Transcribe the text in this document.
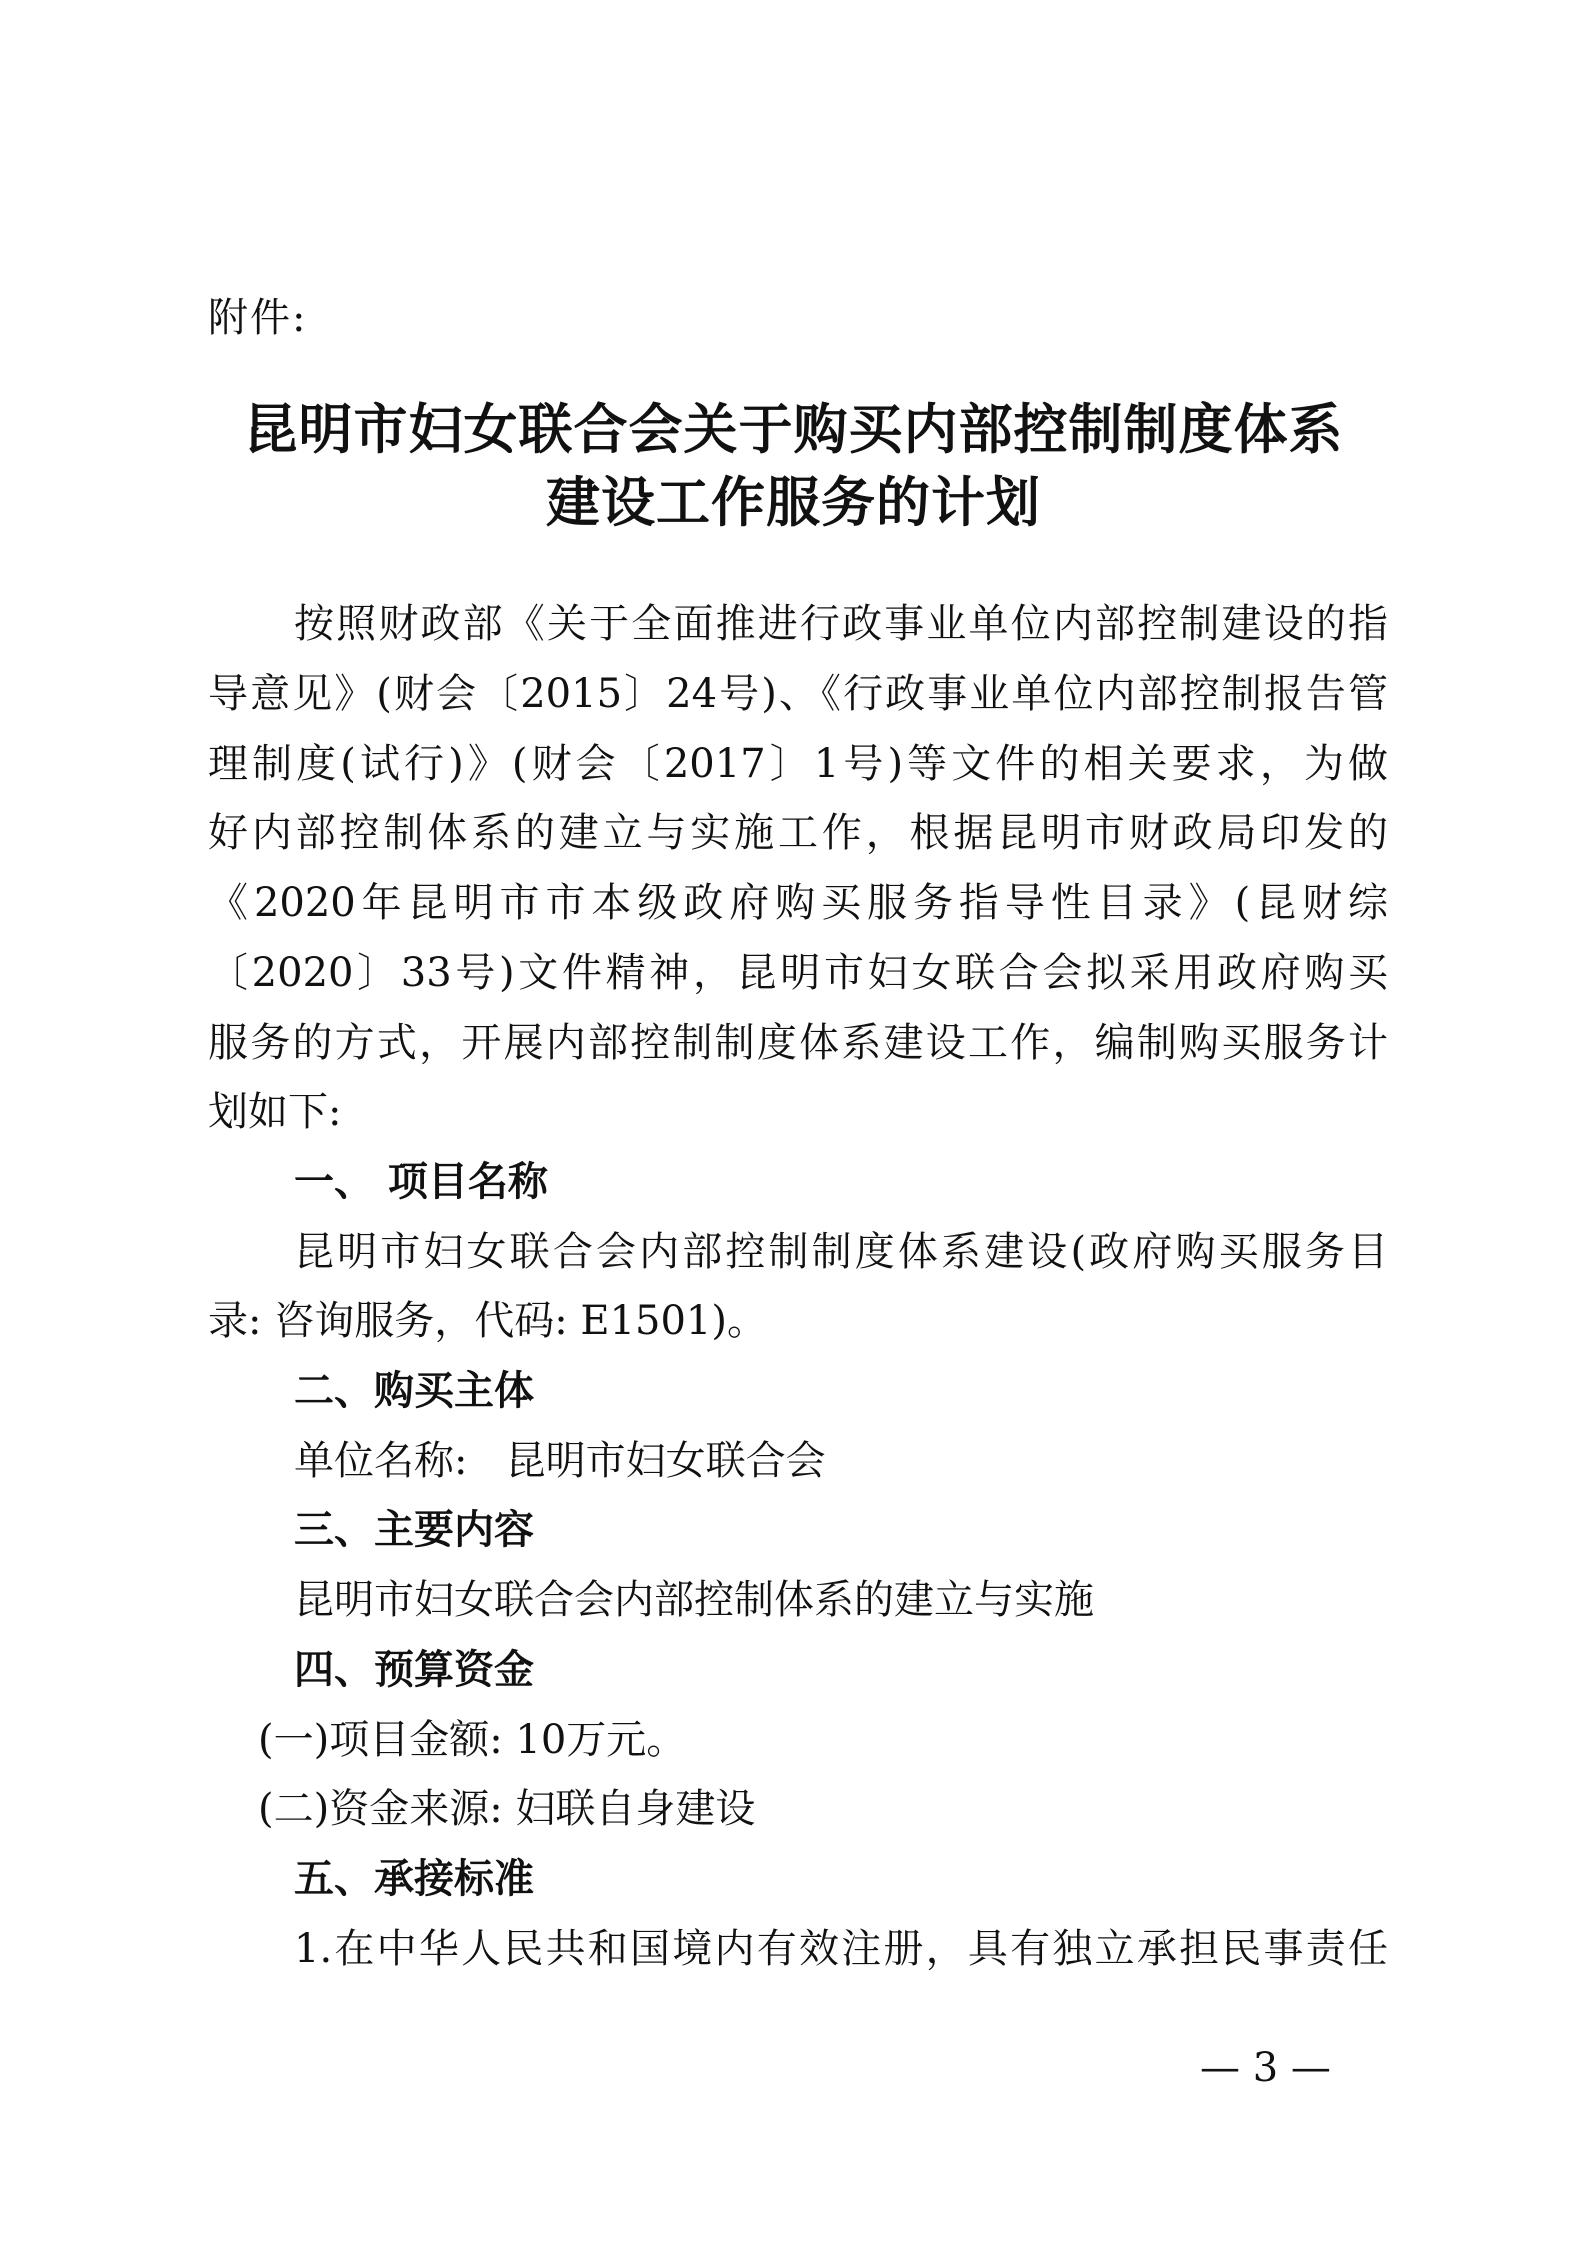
附件:
昆明市妇女联合会关于购买内部控制制度体系
建设工作服务的计划
按照财政部《关于全面推进行政事业单位内部控制建设的指
导意见》(财会〔2015〕24号)、《行政事业单位内部控制报告管
理制度(试行)》(财会〔2017〕1号)等文件的相关要求，为做
好内部控制体系的建立与实施工作，根据昆明市财政局印发的
《2020年昆明市市本级政府购买服务指导性目录》(昆财综
〔2020〕33号)文件精神，昆明市妇女联合会拟采用政府购买
服务的方式，开展内部控制制度体系建设工作，编制购买服务计
划如下:
一、 项目名称
昆明市妇女联合会内部控制制度体系建设(政府购买服务目
录: 咨询服务，代码: E1501)。
二、购买主体
单位名称:   昆明市妇女联合会
三、主要内容
昆明市妇女联合会内部控制体系的建立与实施
四、预算资金
(一)项目金额: 10万元。
(二)资金来源: 妇联自身建设
五、承接标准
1.在中华人民共和国境内有效注册，具有独立承担民事责任
— 3 —
